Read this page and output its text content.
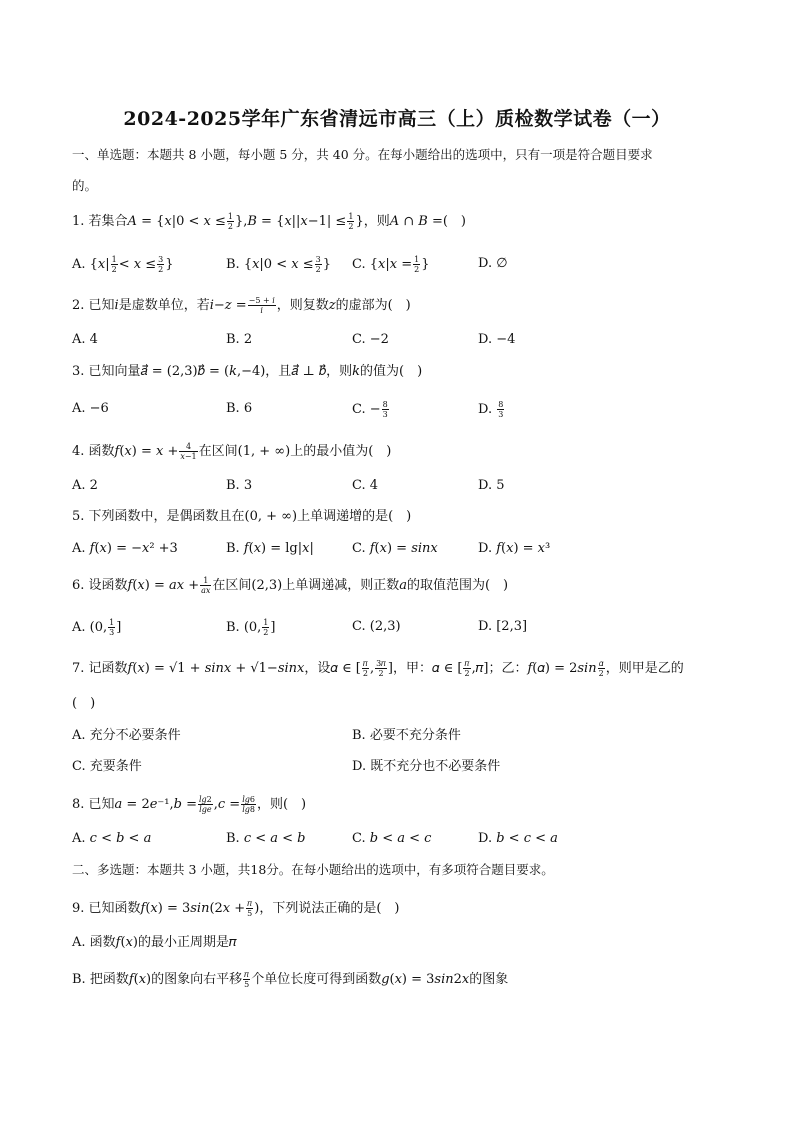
2024-2025学年广东省清远市高三（上）质检数学试卷（一）
一、单选题：本题共 8 小题，每小题 5 分，共 40 分。在每小题给出的选项中，只有一项是符合题目要求
的。
1. 若集合𝐴 = {𝑥|0 < 𝑥 ≤ $\frac{1}{2}$ },𝐵 = {𝑥||𝑥−1| ≤ $\frac{1}{2}$ }，则𝐴 ∩ 𝐵 =(　)
A. {𝑥| $\frac{1}{2}$ < 𝑥 ≤ $\frac{3}{2}$ }	B. {𝑥|0 < 𝑥 ≤ $\frac{3}{2}$ } C. {𝑥|𝑥 = $\frac{1}{2}$ }	D. ∅
2. 已知𝑖是虚数单位，若𝑖−𝑧 = $\frac{\text{−5 + 𝑖}}{\text{𝑖}}$ ，则复数𝑧的虚部为(　)
A. 4	B. 2	C. −2	D. −4
3. 已知向量𝑎⃗ = (2,3)𝑏⃗ = (𝑘,−4)，且𝑎⃗ ⊥ 𝑏⃗，则𝑘的值为(　)
A. −6	B. 6	C. − $\frac{8}{3}$	D. $\frac{8}{3}$
4. 函数𝑓(𝑥) = 𝑥 + $\frac{4}{\text{𝑥−1}}$ 在区间(1, + ∞)上的最小值为(　)
A. 2	B. 3	C. 4	D. 5
5. 下列函数中，是偶函数且在(0, + ∞)上单调递增的是(　)
A. 𝑓(𝑥) = −𝑥² +3	B. 𝑓(𝑥) = lg|𝑥|	C. 𝑓(𝑥) = 𝑠𝑖𝑛𝑥	D. 𝑓(𝑥) = 𝑥³
6. 设函数𝑓(𝑥) = 𝑎𝑥 + $\frac{1}{\text{𝑎𝑥}}$ 在区间(2,3)上单调递减，则正数𝑎的取值范围为(　)
A. (0, $\frac{1}{3}$ ]	B. (0, $\frac{1}{2}$ ]	C. (2,3)	D. [2,3]
7. 记函数𝑓(𝑥) = √1 + 𝑠𝑖𝑛𝑥 + √1−𝑠𝑖𝑛𝑥，设𝛼 ∈ [ $\frac{\text{𝜋}}{2}$ , $\frac{\text{3𝜋}}{2}$ ]，甲：𝛼 ∈ [ $\frac{\text{𝜋}}{2}$ ,𝜋]；乙：𝑓(𝛼) = 2𝑠𝑖𝑛 $\frac{\text{𝛼}}{2}$ ，则甲是乙的
(　)
A. 充分不必要条件	B. 必要不充分条件
C. 充要条件	D. 既不充分也不必要条件
8. 已知𝑎 = 2𝑒⁻¹,𝑏 = $\frac{\text{𝑙𝑔2}}{\text{𝑙𝑔𝑒}}$ ,𝑐 = $\frac{\text{𝑙𝑔6}}{\text{𝑙𝑔8}}$ ，则(　)
A. 𝑐 < 𝑏 < 𝑎	B. 𝑐 < 𝑎 < 𝑏	C. 𝑏 < 𝑎 < 𝑐	D. 𝑏 < 𝑐 < 𝑎
二、多选题：本题共 3 小题，共18分。在每小题给出的选项中，有多项符合题目要求。
9. 已知函数𝑓(𝑥) = 3𝑠𝑖𝑛(2𝑥 + $\frac{\text{𝜋}}{5}$ )，下列说法正确的是(　)
A. 函数𝑓(𝑥)的最小正周期是𝜋
B. 把函数𝑓(𝑥)的图象向右平移 $\frac{\text{𝜋}}{5}$ 个单位长度可得到函数𝑔(𝑥) = 3𝑠𝑖𝑛2𝑥的图象
